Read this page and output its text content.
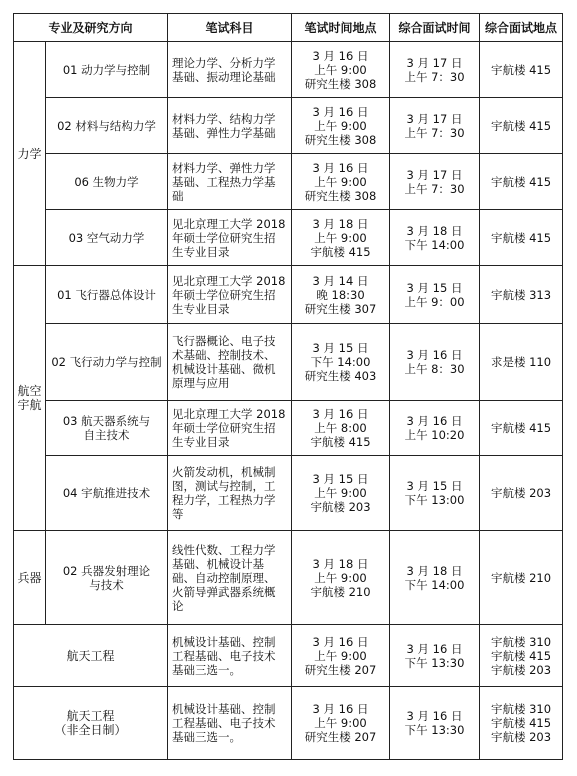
专业及研究方向		笔试科目	笔试时间地点	综合面试时间	综合面试地点
力学	01 动力学与控制	理论力学、分析力学
基础、振动理论基础	3 月 16 日
上午 9:00
研究生楼 308	3 月 17 日
上午 7：30	宇航楼 415

	02 材料与结构力学	材料力学、结构力学
基础、弹性力学基础	3 月 16 日
上午 9:00
研究生楼 308	3 月 17 日
上午 7：30	宇航楼 415

	06 生物力学	材料力学、弹性力学
基础、工程热力学基
础	3 月 16 日
上午 9:00
研究生楼 308	3 月 17 日
上午 7：30	宇航楼 415

	03 空气动力学	见北京理工大学 2018
年硕士学位研究生招
生专业目录	3 月 18 日
上午 9:00
宇航楼 415	3 月 18 日
下午 14:00	宇航楼 415

航空宇航	01 飞行器总体设计	见北京理工大学 2018
年硕士学位研究生招
生专业目录	3 月 14 日
晚 18:30
研究生楼 307	3 月 15 日
上午 9：00	宇航楼 313

	02 飞行动力学与控制	飞行器概论、电子技
术基础、控制技术、
机械设计基础、微机
原理与应用	3 月 15 日
下午 14:00
研究生楼 403	3 月 16 日
上午 8：30	求是楼 110

	03 航天器系统与
自主技术	见北京理工大学 2018
年硕士学位研究生招
生专业目录	3 月 16 日
上午 8:00
宇航楼 415	3 月 16 日
上午 10:20	宇航楼 415

	04 宇航推进技术	火箭发动机，机械制
图，测试与控制，工
程力学，工程热力学
等	3 月 15 日
上午 9:00
宇航楼 203	3 月 15 日
下午 13:00	宇航楼 203

兵器	02 兵器发射理论
与技术	线性代数、工程力学
基础、机械设计基
础、自动控制原理、
火箭导弹武器系统概
论	3 月 18 日
上午 9:00
宇航楼 210	3 月 18 日
下午 14:00	宇航楼 210

航天工程		机械设计基础、控制
工程基础、电子技术
基础三选一。	3 月 16 日
上午 9:00
研究生楼 207	3 月 16 日
下午 13:30	宇航楼 310
宇航楼 415
宇航楼 203

航天工程
（非全日制）		机械设计基础、控制
工程基础、电子技术
基础三选一。	3 月 16 日
上午 9:00
研究生楼 207	3 月 16 日
下午 13:30	宇航楼 310
宇航楼 415
宇航楼 203
